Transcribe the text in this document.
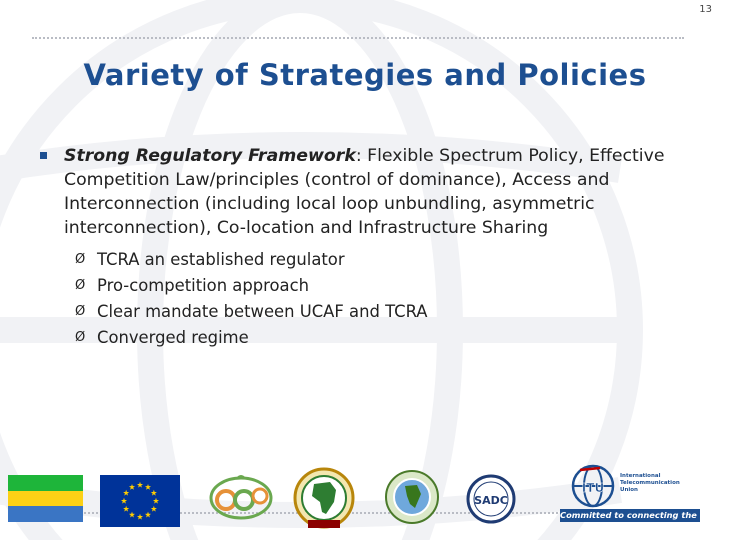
13
Variety of Strategies and Policies
Strong Regulatory Framework: Flexible Spectrum Policy, Effective Competition Law/principles (control of dominance), Access and Interconnection (including local loop unbundling, asymmetric interconnection), Co-location and Infrastructure Sharing
Ø TCRA an established regulator
Ø Pro-competition approach
Ø Clear mandate between UCAF and TCRA
Ø Converged regime
SADC
ITU
International
Telecommunication
Union
Committed to connecting the world
